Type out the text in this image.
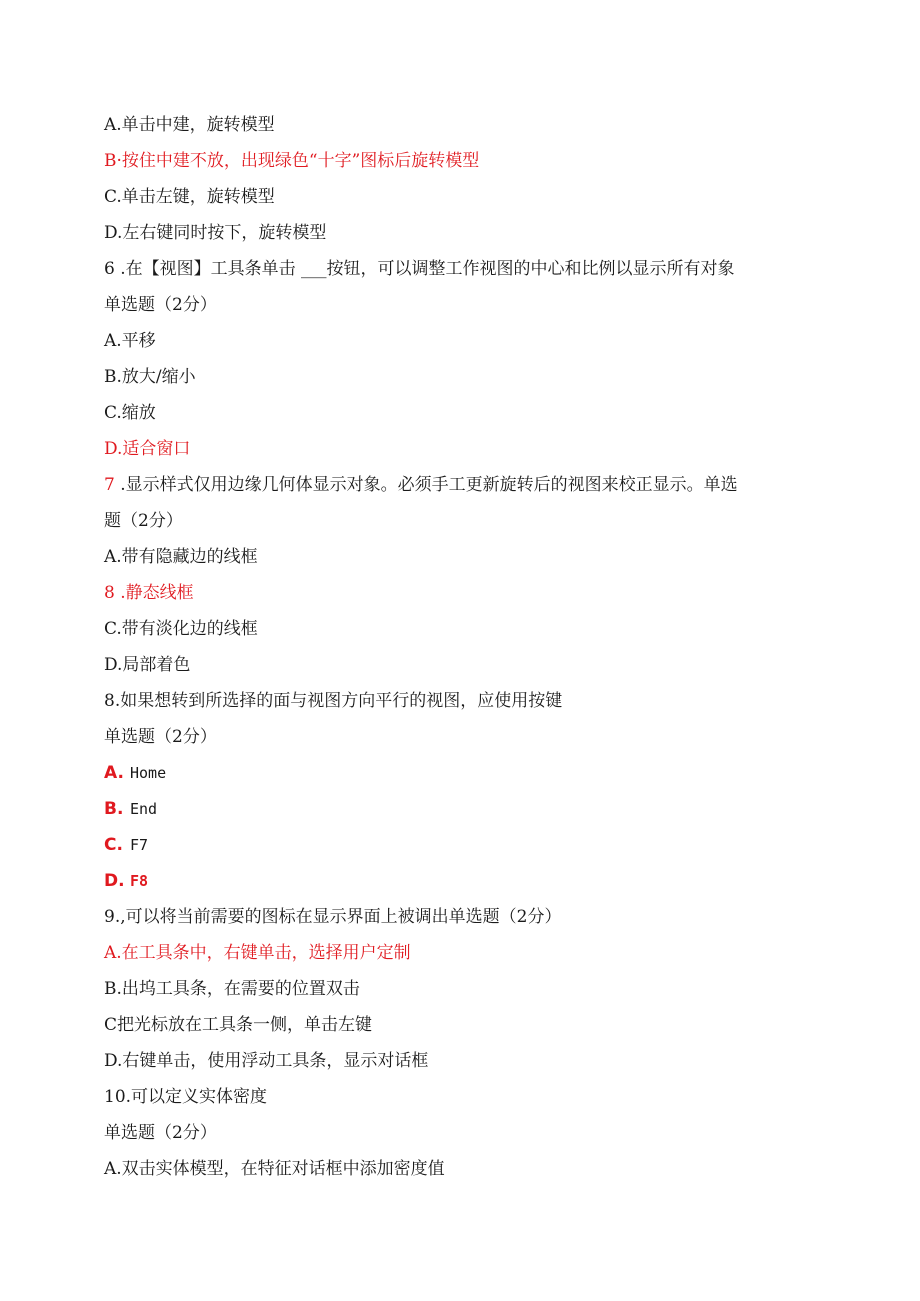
A.单击中建，旋转模型
B·按住中建不放，出现绿色“十字”图标后旋转模型
C.单击左键，旋转模型
D.左右键同时按下，旋转模型
6 .在【视图】工具条单击 ___按钮，可以调整工作视图的中心和比例以显示所有对象
单选题（2分）
A.平移
B.放大/缩小
C.缩放
D.适合窗口
7 .显示样式仅用边缘几何体显示对象。必须手工更新旋转后的视图来校正显示。单选
题（2分）
A.带有隐藏边的线框
8 .静态线框
C.带有淡化边的线框
D.局部着色
8.如果想转到所选择的面与视图方向平行的视图，应使用按键
单选题（2分）
A. Home
B. End
C. F7
D. F8
9.,可以将当前需要的图标在显示界面上被调出单选题（2分）
A.在工具条中，右键单击，选择用户定制
B.出坞工具条，在需要的位置双击
C把光标放在工具条一侧，单击左键
D.右键单击，使用浮动工具条，显示对话框
10.可以定义实体密度
单选题（2分）
A.双击实体模型，在特征对话框中添加密度值
